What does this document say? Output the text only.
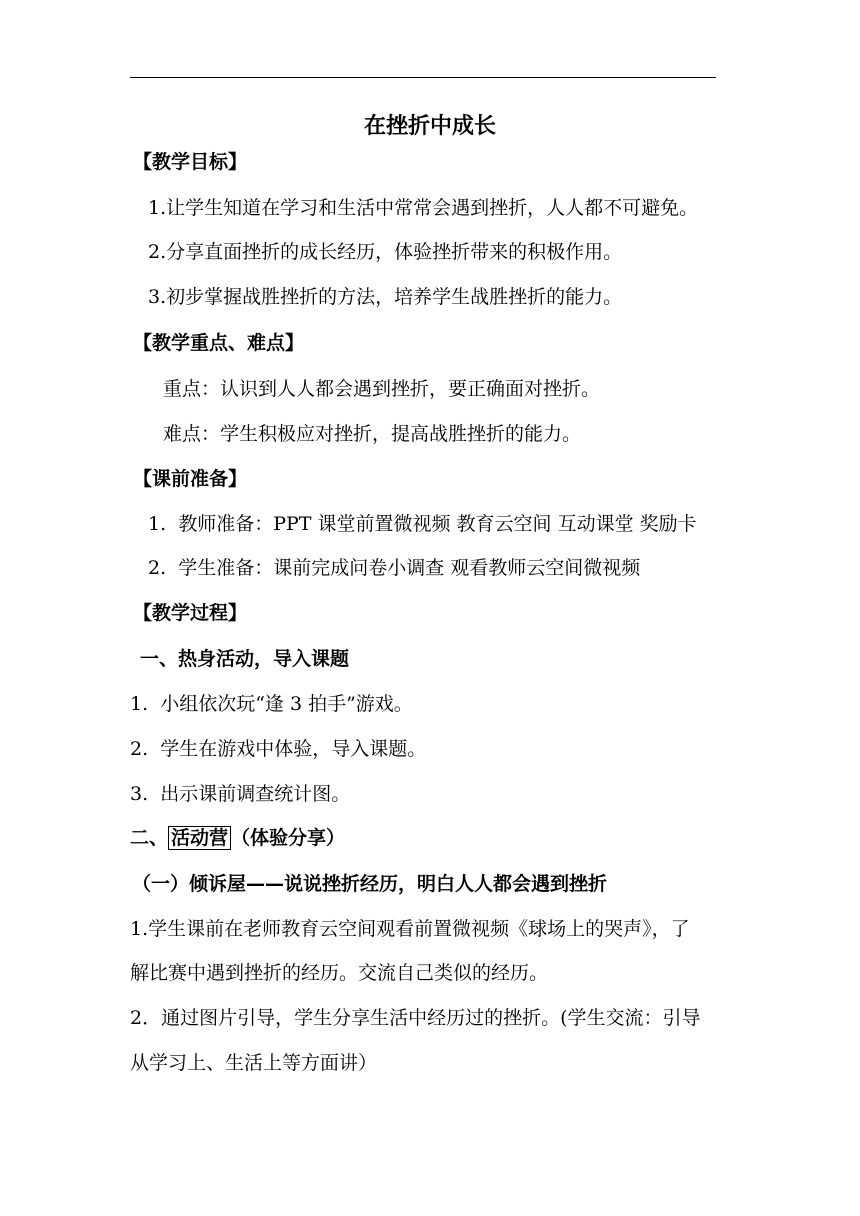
在挫折中成长
【教学目标】
1.让学生知道在学习和生活中常常会遇到挫折，人人都不可避免。
2.分享直面挫折的成长经历，体验挫折带来的积极作用。
3.初步掌握战胜挫折的方法，培养学生战胜挫折的能力。
【教学重点、难点】
重点：认识到人人都会遇到挫折，要正确面对挫折。
难点：学生积极应对挫折，提高战胜挫折的能力。
【课前准备】
1.  教师准备：PPT 课堂前置微视频 教育云空间 互动课堂 奖励卡
2.  学生准备：课前完成问卷小调查 观看教师云空间微视频
【教学过程】
一、热身活动，导入课题
1.  小组依次玩“逢 3 拍手”游戏。
2.  学生在游戏中体验，导入课题。
3.  出示课前调查统计图。
二、 活动营 （体验分享）
（一）倾诉屋——说说挫折经历，明白人人都会遇到挫折
1.学生课前在老师教育云空间观看前置微视频《球场上的哭声》，了
解比赛中遇到挫折的经历。交流自己类似的经历。
2．通过图片引导，学生分享生活中经历过的挫折。(学生交流：引导
从学习上、生活上等方面讲）
